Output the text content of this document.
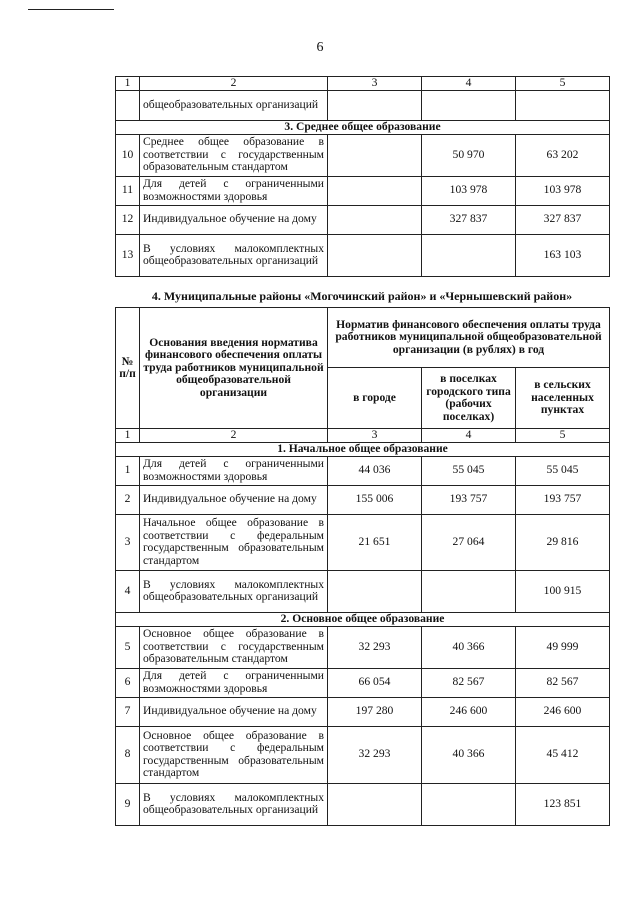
6
1	2	3	4	5
	общеобразовательных организаций			
3. Среднее общее образование				
10	Среднее общее образование в соответствии с государственным образовательным стандартом		50 970	63 202
11	Для детей с ограниченными возможностями здоровья		103 978	103 978
12	Индивидуальное обучение на дому		327 837	327 837
13	В условиях малокомплектных общеобразовательных организаций			163 103
4. Муниципальные районы «Могочинский район» и «Чернышевский район»
№ п/п	Основания введения норматива финансового обеспечения оплаты труда работников муниципальной общеобразовательной организации	Норматив финансового обеспечения оплаты труда работников муниципальной общеобразовательной организации (в рублях) в год		
		в городе	в поселках городского типа (рабочих поселках)	в сельских населенных пунктах
1	2	3	4	5
1. Начальное общее образование				
1	Для детей с ограниченными возможностями здоровья	44 036	55 045	55 045
2	Индивидуальное обучение на дому	155 006	193 757	193 757
3	Начальное общее образование в соответствии с федеральным государственным образовательным стандартом	21 651	27 064	29 816
4	В условиях малокомплектных общеобразовательных организаций			100 915
2. Основное общее образование				
5	Основное общее образование в соответствии с государственным образовательным стандартом	32 293	40 366	49 999
6	Для детей с ограниченными возможностями здоровья	66 054	82 567	82 567
7	Индивидуальное обучение на дому	197 280	246 600	246 600
8	Основное общее образование в соответствии с федеральным государственным образовательным стандартом	32 293	40 366	45 412
9	В условиях малокомплектных общеобразовательных организаций			123 851
